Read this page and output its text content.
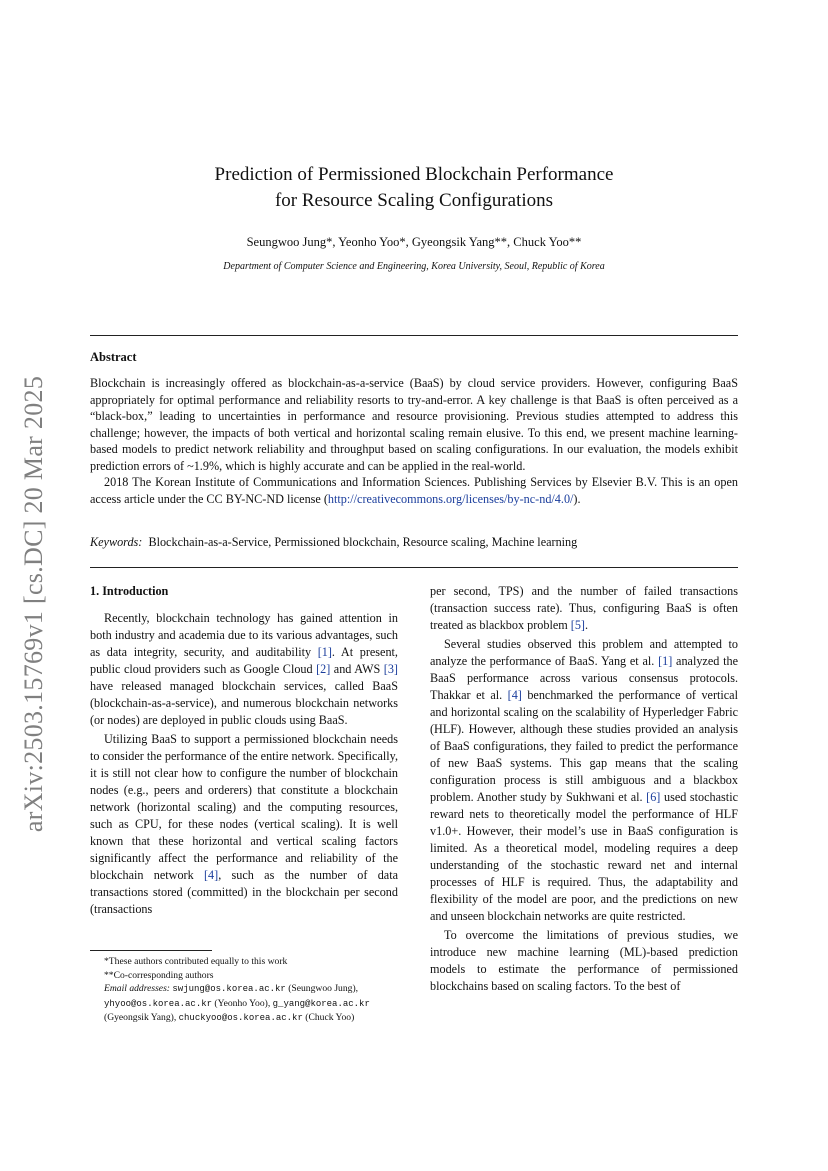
arXiv:2503.15769v1 [cs.DC] 20 Mar 2025
Prediction of Permissioned Blockchain Performance
for Resource Scaling Configurations
Seungwoo Jung*, Yeonho Yoo*, Gyeongsik Yang**, Chuck Yoo**
Department of Computer Science and Engineering, Korea University, Seoul, Republic of Korea
Abstract

Blockchain is increasingly offered as blockchain-as-a-service (BaaS) by cloud service providers. However, configuring BaaS appropriately for optimal performance and reliability resorts to try-and-error. A key challenge is that BaaS is often perceived as a “black-box,” leading to uncertainties in performance and resource provisioning. Previous studies attempted to address this challenge; however, the impacts of both vertical and horizontal scaling remain elusive. To this end, we present machine learning-based models to predict network reliability and throughput based on scaling configurations. In our evaluation, the models exhibit prediction errors of ~1.9%, which is highly accurate and can be applied in the real-world.

2018 The Korean Institute of Communications and Information Sciences. Publishing Services by Elsevier B.V. This is an open access article under the CC BY-NC-ND license (http://creativecommons.org/licenses/by-nc-nd/4.0/).

Keywords: Blockchain-as-a-Service, Permissioned blockchain, Resource scaling, Machine learning
1. Introduction

Recently, blockchain technology has gained attention in both industry and academia due to its various advantages, such as data integrity, security, and auditability [1]. At present, public cloud providers such as Google Cloud [2] and AWS [3] have released managed blockchain services, called BaaS (blockchain-as-a-service), and numerous blockchain networks (or nodes) are deployed in public clouds using BaaS.

Utilizing BaaS to support a permissioned blockchain needs to consider the performance of the entire network. Specifically, it is still not clear how to configure the number of blockchain nodes (e.g., peers and orderers) that constitute a blockchain network (horizontal scaling) and the computing resources, such as CPU, for these nodes (vertical scaling). It is well known that these horizontal and vertical scaling factors significantly affect the performance and reliability of the blockchain network [4], such as the number of data transactions stored (committed) in the blockchain per second (transactions

per second, TPS) and the number of failed transactions (transaction success rate). Thus, configuring BaaS is often treated as blackbox problem [5].

Several studies observed this problem and attempted to analyze the performance of BaaS. Yang et al. [1] analyzed the BaaS performance across various consensus protocols. Thakkar et al. [4] benchmarked the performance of vertical and horizontal scaling on the scalability of Hyperledger Fabric (HLF). However, although these studies provided an analysis of BaaS configurations, they failed to predict the performance of new BaaS systems. This gap means that the scaling configuration process is still ambiguous and a blackbox problem. Another study by Sukhwani et al. [6] used stochastic reward nets to theoretically model the performance of HLF v1.0+. However, their model’s use in BaaS configuration is limited. As a theoretical model, modeling requires a deep understanding of the stochastic reward net and internal processes of HLF is required. Thus, the adaptability and flexibility of the model are poor, and the predictions on new and unseen blockchain networks are quite restricted.

To overcome the limitations of previous studies, we introduce new machine learning (ML)-based prediction models to estimate the performance of permissioned blockchains based on scaling factors. To the best of

*These authors contributed equally to this work

**Co-corresponding authors

Email addresses: swjung@os.korea.ac.kr (Seungwoo Jung),
yhyoo@os.korea.ac.kr (Yeonho Yoo), g_yang@korea.ac.kr
(Gyeongsik Yang), chuckyoo@os.korea.ac.kr (Chuck Yoo)
